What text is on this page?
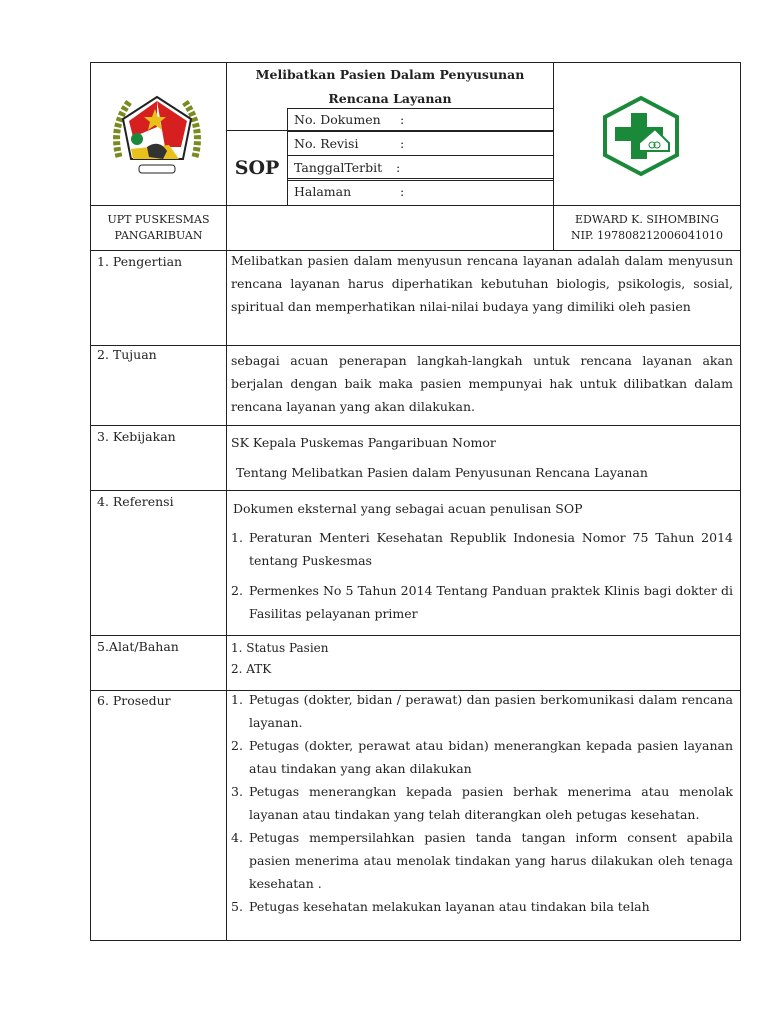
Melibatkan Pasien Dalam Penyusunan
Rencana Layanan
SOP
No. Dokumen :
No. Revisi	:
TanggalTerbit :
Halaman	:
UPT PUSKESMAS
PANGARIBUAN
EDWARD K. SIHOMBING
NIP. 197808212006041010
1. Pengertian	Melibatkan pasien dalam menyusun rencana layanan adalah dalam menyusun rencana layanan harus diperhatikan kebutuhan biologis, psikologis, sosial, spiritual dan memperhatikan nilai-nilai budaya yang dimiliki oleh pasien
2. Tujuan	sebagai acuan penerapan langkah-langkah untuk rencana layanan akan berjalan dengan baik maka pasien mempunyai hak untuk dilibatkan dalam rencana layanan yang akan dilakukan.
3. Kebijakan	SK Kepala Puskemas Pangaribuan Nomor
Tentang Melibatkan Pasien dalam Penyusunan Rencana Layanan
4. Referensi	Dokumen eksternal yang sebagai acuan penulisan SOP
1. Peraturan Menteri Kesehatan Republik Indonesia Nomor 75 Tahun 2014 tentang Puskesmas
2. Permenkes No 5 Tahun 2014 Tentang Panduan praktek Klinis bagi dokter di Fasilitas pelayanan primer
5.Alat/Bahan	1. Status Pasien
2. ATK
6. Prosedur	1. Petugas (dokter, bidan / perawat) dan pasien berkomunikasi dalam rencana layanan.
2. Petugas (dokter, perawat atau bidan) menerangkan kepada pasien layanan atau tindakan yang akan dilakukan
3. Petugas menerangkan kepada pasien berhak menerima atau menolak layanan atau tindakan yang telah diterangkan oleh petugas kesehatan.
4. Petugas mempersilahkan pasien tanda tangan inform consent apabila pasien menerima atau menolak tindakan yang harus dilakukan oleh tenaga kesehatan .
5. Petugas kesehatan melakukan layanan atau tindakan bila telah
